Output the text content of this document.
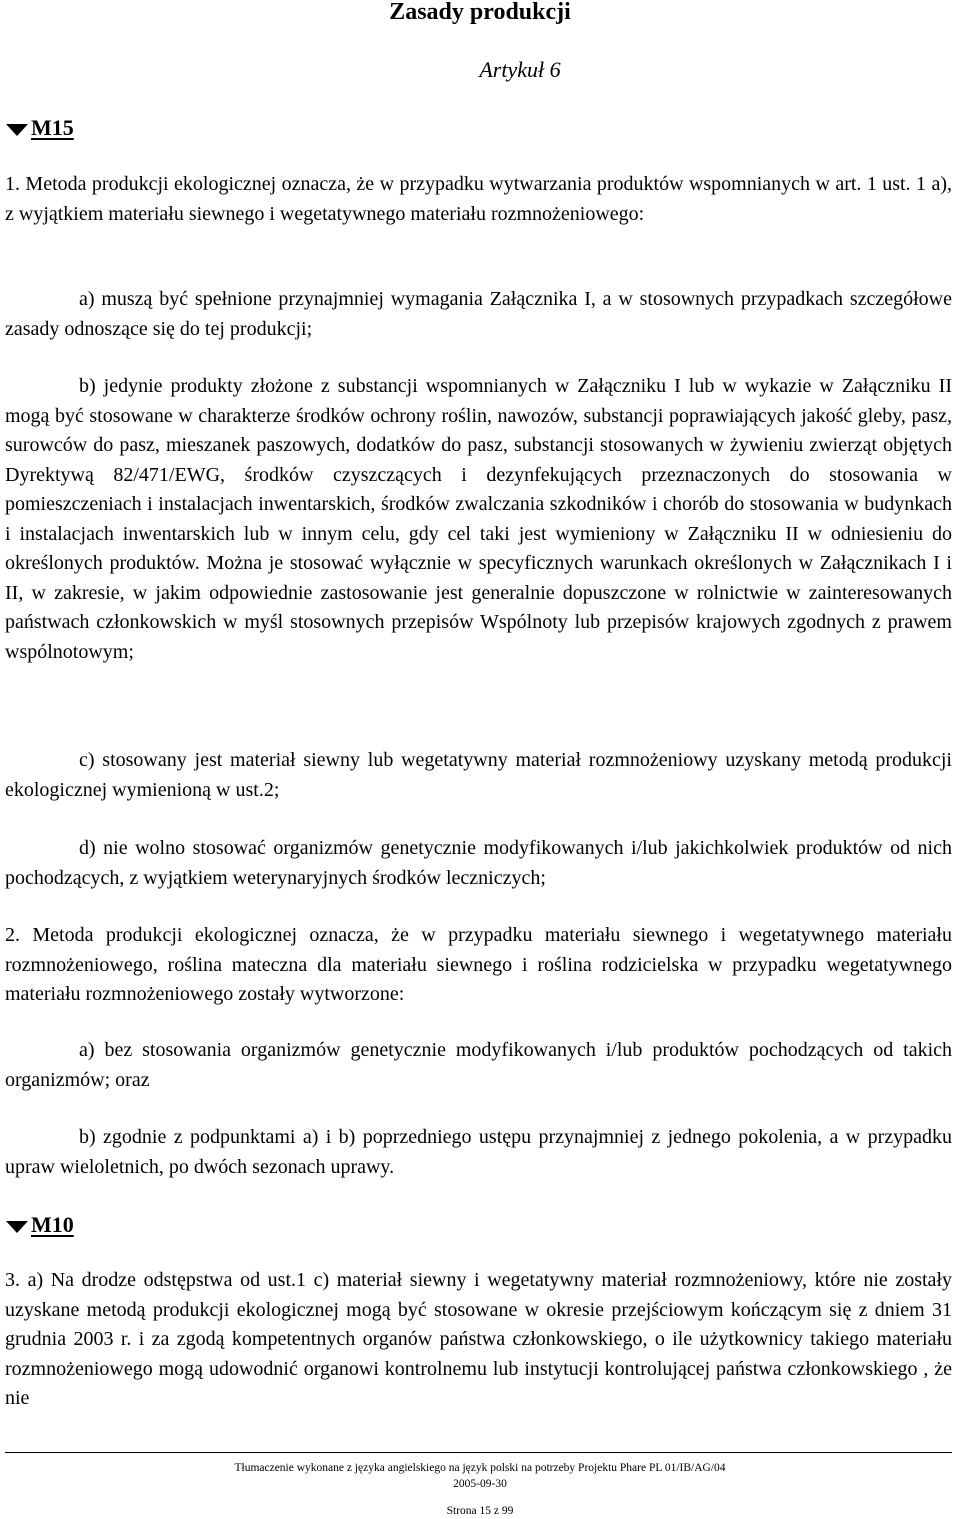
Zasady produkcji
Artykuł 6
M15
1. Metoda produkcji ekologicznej oznacza, że w przypadku wytwarzania produktów wspomnianych w art. 1 ust. 1 a), z wyjątkiem materiału siewnego i wegetatywnego materiału rozmnożeniowego:
a) muszą być spełnione przynajmniej wymagania Załącznika I, a w stosownych przypadkach szczegółowe zasady odnoszące się do tej produkcji;
b) jedynie produkty złożone z substancji wspomnianych w Załączniku I lub w wykazie w Załączniku II mogą być stosowane w charakterze środków ochrony roślin, nawozów, substancji poprawiających jakość gleby, pasz, surowców do pasz, mieszanek paszowych, dodatków do pasz, substancji stosowanych w żywieniu zwierząt objętych Dyrektywą 82/471/EWG, środków czyszczących i dezynfekujących przeznaczonych do stosowania w pomieszczeniach i instalacjach inwentarskich, środków zwalczania szkodników i chorób do stosowania w budynkach i instalacjach inwentarskich lub w innym celu, gdy cel taki jest wymieniony w Załączniku II w odniesieniu do określonych produktów. Można je stosować wyłącznie w specyficznych warunkach określonych w Załącznikach I i II, w zakresie, w jakim odpowiednie zastosowanie jest generalnie dopuszczone w rolnictwie w zainteresowanych państwach członkowskich w myśl stosownych przepisów Wspólnoty lub przepisów krajowych zgodnych z prawem wspólnotowym;
c) stosowany jest materiał siewny lub wegetatywny materiał rozmnożeniowy uzyskany metodą produkcji ekologicznej wymienioną w ust.2;
d) nie wolno stosować organizmów genetycznie modyfikowanych i/lub jakichkolwiek produktów od nich pochodzących, z wyjątkiem weterynaryjnych środków leczniczych;
2. Metoda produkcji ekologicznej oznacza, że w przypadku materiału siewnego i wegetatywnego materiału rozmnożeniowego, roślina mateczna dla materiału siewnego i roślina rodzicielska w przypadku wegetatywnego materiału rozmnożeniowego zostały wytworzone:
a) bez stosowania organizmów genetycznie modyfikowanych i/lub produktów pochodzących od takich organizmów; oraz
b) zgodnie z podpunktami a) i b) poprzedniego ustępu przynajmniej z jednego pokolenia, a w przypadku upraw wieloletnich, po dwóch sezonach uprawy.
M10
3. a) Na drodze odstępstwa od ust.1 c) materiał siewny i wegetatywny materiał rozmnożeniowy, które nie zostały uzyskane metodą produkcji ekologicznej mogą być stosowane w okresie przejściowym kończącym się z dniem 31 grudnia 2003 r. i za zgodą kompetentnych organów państwa członkowskiego, o ile użytkownicy takiego materiału rozmnożeniowego mogą udowodnić organowi kontrolnemu lub instytucji kontrolującej państwa członkowskiego , że nie
Tłumaczenie wykonane z języka angielskiego na język polski na potrzeby Projektu Phare PL 01/IB/AG/04
2005-09-30
Strona 15 z 99
